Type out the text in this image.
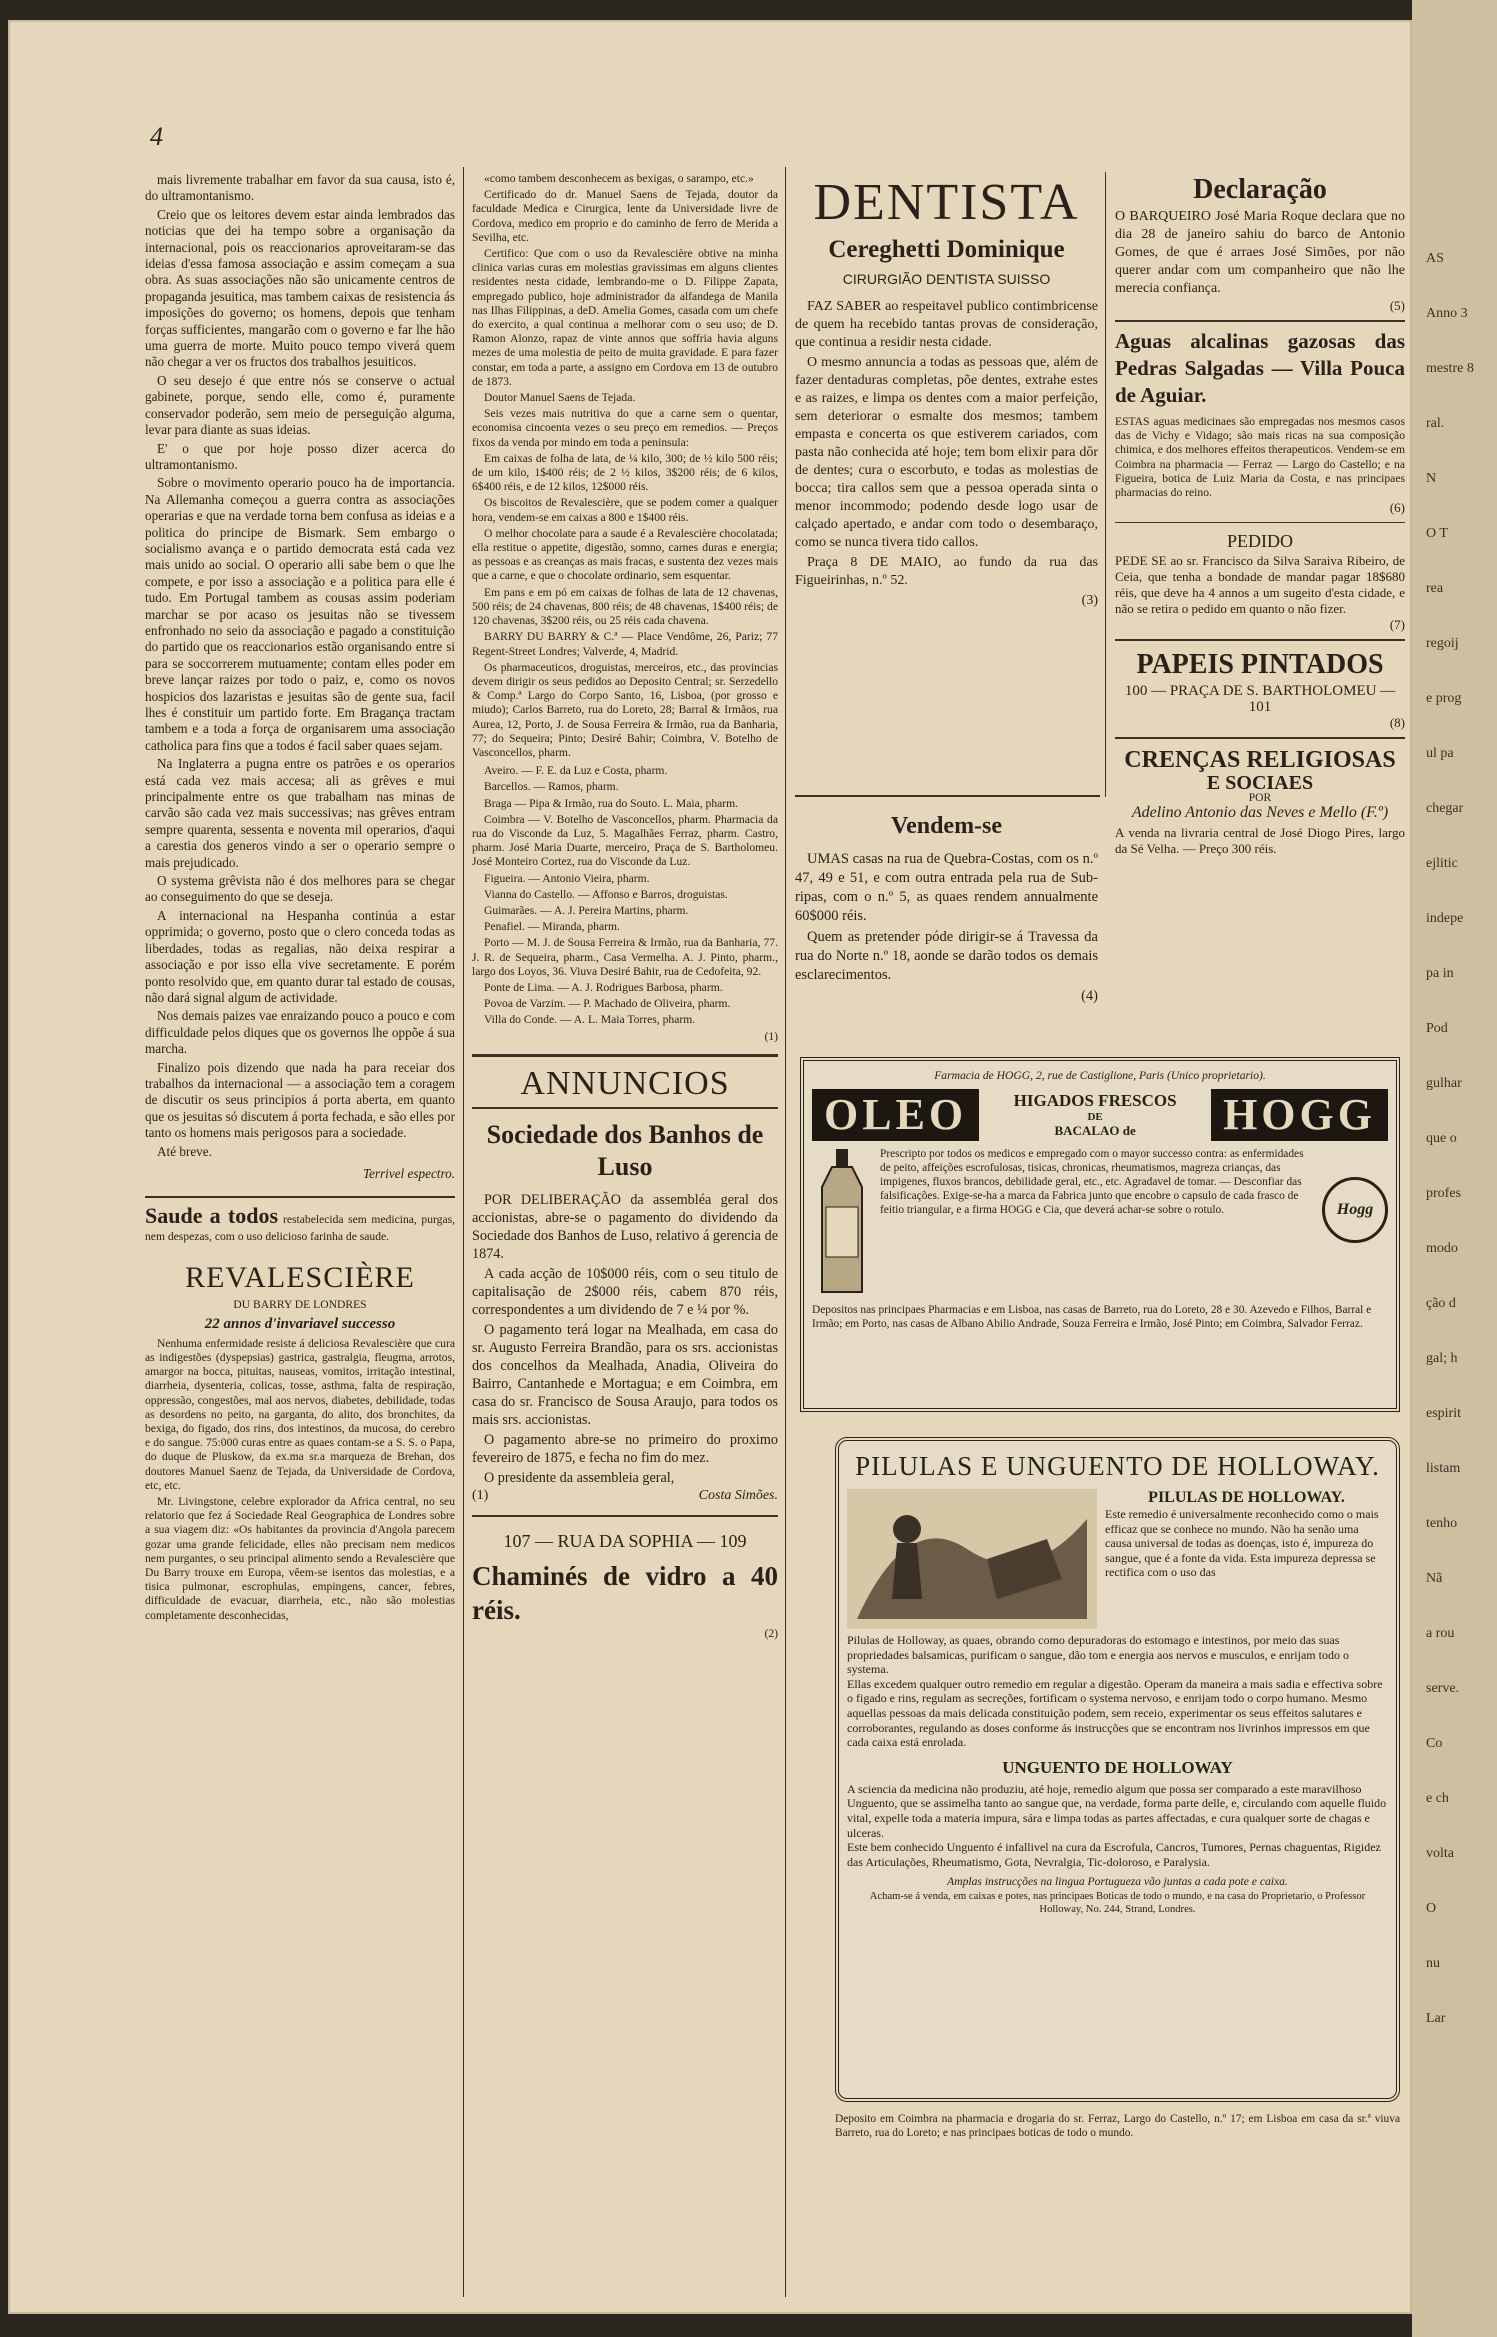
AS
Anno 3
mestre 8
ral.
N
O T
rea
regoij
e prog
ul pa
chegar
ejlitic
indepe
pa in
Pod
gulhar
que o
profes
modo
ção d
gal; h
espirit
listam
tenho
Nã
a rou
serve.
Co
e ch
volta
O
nu
Lar
4

mais livremente trabalhar em favor da sua causa, isto é, do ultramontanismo.

Creio que os leitores devem estar ainda lembrados das noticias que dei ha tempo sobre a organisação da internacional, pois os reaccionarios aproveitaram-se das ideias d'essa famosa associação e assim começam a sua obra. As suas associações não são unicamente centros de propaganda jesuitica, mas tambem caixas de resistencia ás imposições do governo; os homens, depois que tenham forças sufficientes, mangarão com o governo e far lhe hão uma guerra de morte. Muito pouco tempo viverá quem não chegar a ver os fructos dos trabalhos jesuiticos.

O seu desejo é que entre nós se conserve o actual gabinete, porque, sendo elle, como é, puramente conservador poderão, sem meio de perseguição alguma, levar para diante as suas ideias.

E' o que por hoje posso dizer acerca do ultramontanismo.

Sobre o movimento operario pouco ha de importancia. Na Allemanha começou a guerra contra as associações operarias e que na verdade torna bem confusa as ideias e a politica do principe de Bismark. Sem embargo o socialismo avança e o partido democrata está cada vez mais unido ao social. O operario alli sabe bem o que lhe compete, e por isso a associação e a politica para elle é tudo. Em Portugal tambem as cousas assim poderiam marchar se por acaso os jesuitas não se tivessem enfronhado no seio da associação e pagado a constituição do partido que os reaccionarios estão organisando entre si para se soccorrerem mutuamente; contam elles poder em breve lançar raizes por todo o paiz, e, como os novos hospicios dos lazaristas e jesuitas são de gente sua, facil lhes é constituir um partido forte. Em Bragança tractam tambem e a toda a força de organisarem uma associação catholica para fins que a todos é facil saber quaes sejam.

Na Inglaterra a pugna entre os patrões e os operarios está cada vez mais accesa; ali as grêves e mui principalmente entre os que trabalham nas minas de carvão são cada vez mais successivas; nas grêves entram sempre quarenta, sessenta e noventa mil operarios, d'aqui a carestia dos generos vindo a ser o operario sempre o mais prejudicado.

O systema grêvista não é dos melhores para se chegar ao conseguimento do que se deseja.

A internacional na Hespanha continúa a estar opprimida; o governo, posto que o clero conceda todas as liberdades, todas as regalias, não deixa respirar a associação e por isso ella vive secretamente. E porém ponto resolvido que, em quanto durar tal estado de cousas, não dará signal algum de actividade.

Nos demais paizes vae enraizando pouco a pouco e com difficuldade pelos diques que os governos lhe oppõe á sua marcha.

Finalizo pois dizendo que nada ha para receiar dos trabalhos da internacional — a associação tem a coragem de discutir os seus principios á porta aberta, em quanto que os jesuitas só discutem á porta fechada, e são elles por tanto os homens mais perigosos para a sociedade.

Até breve.

Terrivel espectro.
Saude a todos restabelecida sem medicina, purgas, nem despezas, com o uso delicioso farinha de saude.
REVALESCIÈRE
DU BARRY DE LONDRES
22 annos d'invariavel successo

Nenhuma enfermidade resiste á deliciosa Revalescière que cura as indigestões (dyspepsias) gastrica, gastralgia, fleugma, arrotos, amargor na bocca, pituitas, nauseas, vomitos, irritação intestinal, diarrheia, dysenteria, colicas, tosse, asthma, falta de respiração, oppressão, congestões, mal aos nervos, diabetes, debilidade, todas as desordens no peito, na garganta, do alito, dos bronchites, da bexiga, do figado, dos rins, dos intestinos, da mucosa, do cerebro e do sangue. 75:000 curas entre as quaes contam-se a S. S. o Papa, do duque de Pluskow, da ex.ma sr.a marqueza de Brehan, dos doutores Manuel Saenz de Tejada, da Universidade de Cordova, etc, etc.

Mr. Livingstone, celebre explorador da Africa central, no seu relatorio que fez á Sociedade Real Geographica de Londres sobre a sua viagem diz: «Os habitantes da provincia d'Angola parecem gozar uma grande felicidade, elles não precisam nem medicos nem purgantes, o seu principal alimento sendo a Revalescière que Du Barry trouxe em Europa, vêem-se isentos das molestias, e a tisica pulmonar, escrophulas, empingens, cancer, febres, difficuldade de evacuar, diarrheia, etc., não são molestias completamente desconhecidas,

«como tambem desconhecem as bexigas, o sarampo, etc.»

Certificado do dr. Manuel Saens de Tejada, doutor da faculdade Medica e Cirurgica, lente da Universidade livre de Cordova, medico em proprio e do caminho de ferro de Merida a Sevilha, etc.

Certifico: Que com o uso da Revalescière obtive na minha clinica varias curas em molestias gravissimas em alguns clientes residentes nesta cidade, lembrando-me o D. Filippe Zapata, empregado publico, hoje administrador da alfandega de Manila nas Ilhas Filippinas, a deD. Amelia Gomes, casada com um chefe do exercito, a qual continua a melhorar com o seu uso; de D. Ramon Alonzo, rapaz de vinte annos que soffria havia alguns mezes de uma molestia de peito de muita gravidade. E para fazer constar, em toda a parte, a assigno em Cordova em 13 de outubro de 1873.

Doutor Manuel Saens de Tejada.

Seis vezes mais nutritiva do que a carne sem o quentar, economisa cincoenta vezes o seu preço em remedios. — Preços fixos da venda por mindo em toda a peninsula:

Em caixas de folha de lata, de ¼ kilo, 300; de ½ kilo 500 réis; de um kilo, 1$400 réis; de 2 ½ kilos, 3$200 réis; de 6 kilos, 6$400 réis, e de 12 kilos, 12$000 réis.

Os biscoitos de Revalescière, que se podem comer a qualquer hora, vendem-se em caixas a 800 e 1$400 réis.

O melhor chocolate para a saude é a Revalescière chocolatada; ella restitue o appetite, digestão, somno, carnes duras e energia; as pessoas e as creanças as mais fracas, e sustenta dez vezes mais que a carne, e que o chocolate ordinario, sem esquentar.

Em pans e em pó em caixas de folhas de lata de 12 chavenas, 500 réis; de 24 chavenas, 800 réis; de 48 chavenas, 1$400 réis; de 120 chavenas, 3$200 réis, ou 25 réis cada chavena.

BARRY DU BARRY & C.ª — Place Vendôme, 26, Pariz; 77 Regent-Street Londres; Valverde, 4, Madrid.

Os pharmaceuticos, droguistas, merceiros, etc., das provincias devem dirigir os seus pedidos ao Deposito Central; sr. Serzedello & Comp.ª Largo do Corpo Santo, 16, Lisboa, (por grosso e miudo); Carlos Barreto, rua do Loreto, 28; Barral & Irmãos, rua Aurea, 12, Porto, J. de Sousa Ferreira & Irmão, rua da Banharia, 77; do Sequeira; Pinto; Desiré Bahir; Coimbra, V. Botelho de Vasconcellos, pharm.

Aveiro. — F. E. da Luz e Costa, pharm.

Barcellos. — Ramos, pharm.

Braga — Pipa & Irmão, rua do Souto. L. Maia, pharm.

Coimbra — V. Botelho de Vasconcellos, pharm. Pharmacia da rua do Visconde da Luz, 5. Magalhães Ferraz, pharm. Castro, pharm. José Maria Duarte, merceiro, Praça de S. Bartholomeu. José Monteiro Cortez, rua do Visconde da Luz.

Figueira. — Antonio Vieira, pharm.

Vianna do Castello. — Affonso e Barros, droguistas.

Guimarães. — A. J. Pereira Martins, pharm.

Penafiel. — Miranda, pharm.

Porto — M. J. de Sousa Ferreira & Irmão, rua da Banharia, 77. J. R. de Sequeira, pharm., Casa Vermelha. A. J. Pinto, pharm., largo dos Loyos, 36. Viuva Desiré Bahir, rua de Cedofeita, 92.

Ponte de Lima. — A. J. Rodrigues Barbosa, pharm.

Povoa de Varzim. — P. Machado de Oliveira, pharm.

Villa do Conde. — A. L. Maia Torres, pharm.

(1)
ANNUNCIOS
Sociedade dos Banhos de Luso

POR DELIBERAÇÃO da assembléa geral dos accionistas, abre-se o pagamento do dividendo da Sociedade dos Banhos de Luso, relativo á gerencia de 1874.

A cada acção de 10$000 réis, com o seu titulo de capitalisação de 2$000 réis, cabem 870 réis, correspondentes a um dividendo de 7 e ¼ por %.

O pagamento terá logar na Mealhada, em casa do sr. Augusto Ferreira Brandão, para os srs. accionistas dos concelhos da Mealhada, Anadia, Oliveira do Bairro, Cantanhede e Mortagua; e em Coimbra, em casa do sr. Francisco de Sousa Araujo, para todos os mais srs. accionistas.

O pagamento abre-se no primeiro do proximo fevereiro de 1875, e fecha no fim do mez.

O presidente da assembleia geral,

(1)	Costa Simões.
107 — RUA DA SOPHIA — 109
Chaminés de vidro a 40 réis.
(2)
DENTISTA
Cereghetti Dominique
CIRURGIÃO DENTISTA SUISSO

FAZ SABER ao respeitavel publico contimbricense de quem ha recebido tantas provas de consideração, que continua a residir nesta cidade.

O mesmo annuncia a todas as pessoas que, além de fazer dentaduras completas, põe dentes, extrahe estes e as raizes, e limpa os dentes com a maior perfeição, sem deteriorar o esmalte dos mesmos; tambem empasta e concerta os que estiverem cariados, com pasta não conhecida até hoje; tem bom elixir para dôr de dentes; cura o escorbuto, e todas as molestias de bocca; tira callos sem que a pessoa operada sinta o menor incommodo; podendo desde logo usar de calçado apertado, e andar com todo o desembaraço, como se nunca tivera tido callos.

Praça 8 DE MAIO, ao fundo da rua das Figueirinhas, n.º 52.

(3)
Vendem-se

UMAS casas na rua de Quebra-Costas, com os n.º 47, 49 e 51, e com outra entrada pela rua de Sub-ripas, com o n.º 5, as quaes rendem annualmente 60$000 réis.

Quem as pretender póde dirigir-se á Travessa da rua do Norte n.º 18, aonde se darão todos os demais esclarecimentos.

(4)
Declaração
O BARQUEIRO José Maria Roque declara que no dia 28 de janeiro sahiu do barco de Antonio Gomes, de que é arraes José Simões, por não querer andar com um companheiro que não lhe merecia confiança.
(5)
Aguas alcalinas gazosas das Pedras Salgadas — Villa Pouca de Aguiar.
ESTAS aguas medicinaes são empregadas nos mesmos casos das de Vichy e Vidago; são mais ricas na sua composição chimica, e dos melhores effeitos therapeuticos. Vendem-se em Coimbra na pharmacia — Ferraz — Largo do Castello; e na Figueira, botica de Luiz Maria da Costa, e nas principaes pharmacias do reino.
(6)
PEDIDO
PEDE SE ao sr. Francisco da Silva Saraiva Ribeiro, de Ceia, que tenha a bondade de mandar pagar 18$680 réis, que deve ha 4 annos a um sugeito d'esta cidade, e não se retira o pedido em quanto o não fizer.
(7)
PAPEIS PINTADOS
100 — PRAÇA DE S. BARTHOLOMEU — 101
(8)
CRENÇAS RELIGIOSAS
E SOCIAES
POR
Adelino Antonio das Neves e Mello (F.º)
A venda na livraria central de José Diogo Pires, largo da Sé Velha. — Preço 300 réis.
Farmacia de HOGG, 2, rue de Castiglione, Paris (Unico proprietario).
OLEO	HIGADOS FRESCOS
DE
BACALAO de	HOGG
Prescripto por todos os medicos e empregado com o mayor successo contra: as enfermidades de peito, affeições escrofulosas, tisicas, chronicas, rheumatismos, magreza crianças, das impigenes, fluxos brancos, debilidade geral, etc., etc. Agradavel de tomar. — Desconfiar das falsificações. Exige-se-ha a marca da Fabrica junto que encobre o capsulo de cada frasco de feitio triangular, e a firma HOGG e Cia, que deverá achar-se sobre o rotulo.	Hogg
Depositos nas principaes Pharmacias e em Lisboa, nas casas de Barreto, rua do Loreto, 28 e 30. Azevedo e Filhos, Barral e Irmão; em Porto, nas casas de Albano Abilio Andrade, Souza Ferreira e Irmão, José Pinto; em Coimbra, Salvador Ferraz.
PILULAS E UNGUENTO DE HOLLOWAY.
PILULAS DE HOLLOWAY.
Este remedio é universalmente reconhecido como o mais efficaz que se conhece no mundo. Não ha senão uma causa universal de todas as doenças, isto é, impureza do sangue, que é a fonte da vida. Esta impureza depressa se rectifica com o uso das
Pilulas de Holloway, as quaes, obrando como depuradoras do estomago e intestinos, por meio das suas propriedades balsamicas, purificam o sangue, dão tom e energia aos nervos e musculos, e enrijam todo o systema.
Ellas excedem qualquer outro remedio em regular a digestão. Operam da maneira a mais sadia e effectiva sobre o figado e rins, regulam as secreções, fortificam o systema nervoso, e enrijam todo o corpo humano. Mesmo aquellas pessoas da mais delicada constituição podem, sem receio, experimentar os seus effeitos salutares e corroborantes, regulando as doses conforme ás instrucções que se encontram nos livrinhos impressos em que cada caixa está enrolada.
UNGUENTO DE HOLLOWAY
A sciencia da medicina não produziu, até hoje, remedio algum que possa ser comparado a este maravilhoso Unguento, que se assimelha tanto ao sangue que, na verdade, forma parte delle, e, circulando com aquelle fluido vital, expelle toda a materia impura, sára e limpa todas as partes affectadas, e cura qualquer sorte de chagas e ulceras.
Este bem conhecido Unguento é infallivel na cura da Escrofula, Cancros, Tumores, Pernas chaguentas, Rigidez das Articulações, Rheumatismo, Gota, Nevralgia, Tic-doloroso, e Paralysia.
Amplas instrucções na lingua Portugueza vão juntas a cada pote e caixa.
Acham-se á venda, em caixas e potes, nas principaes Boticas de todo o mundo, e na casa do Proprietario, o Professor Holloway, No. 244, Strand, Londres.
Deposito em Coimbra na pharmacia e drogaria do sr. Ferraz, Largo do Castello, n.º 17; em Lisboa em casa da sr.ª viuva Barreto, rua do Loreto; e nas principaes boticas de todo o mundo.
